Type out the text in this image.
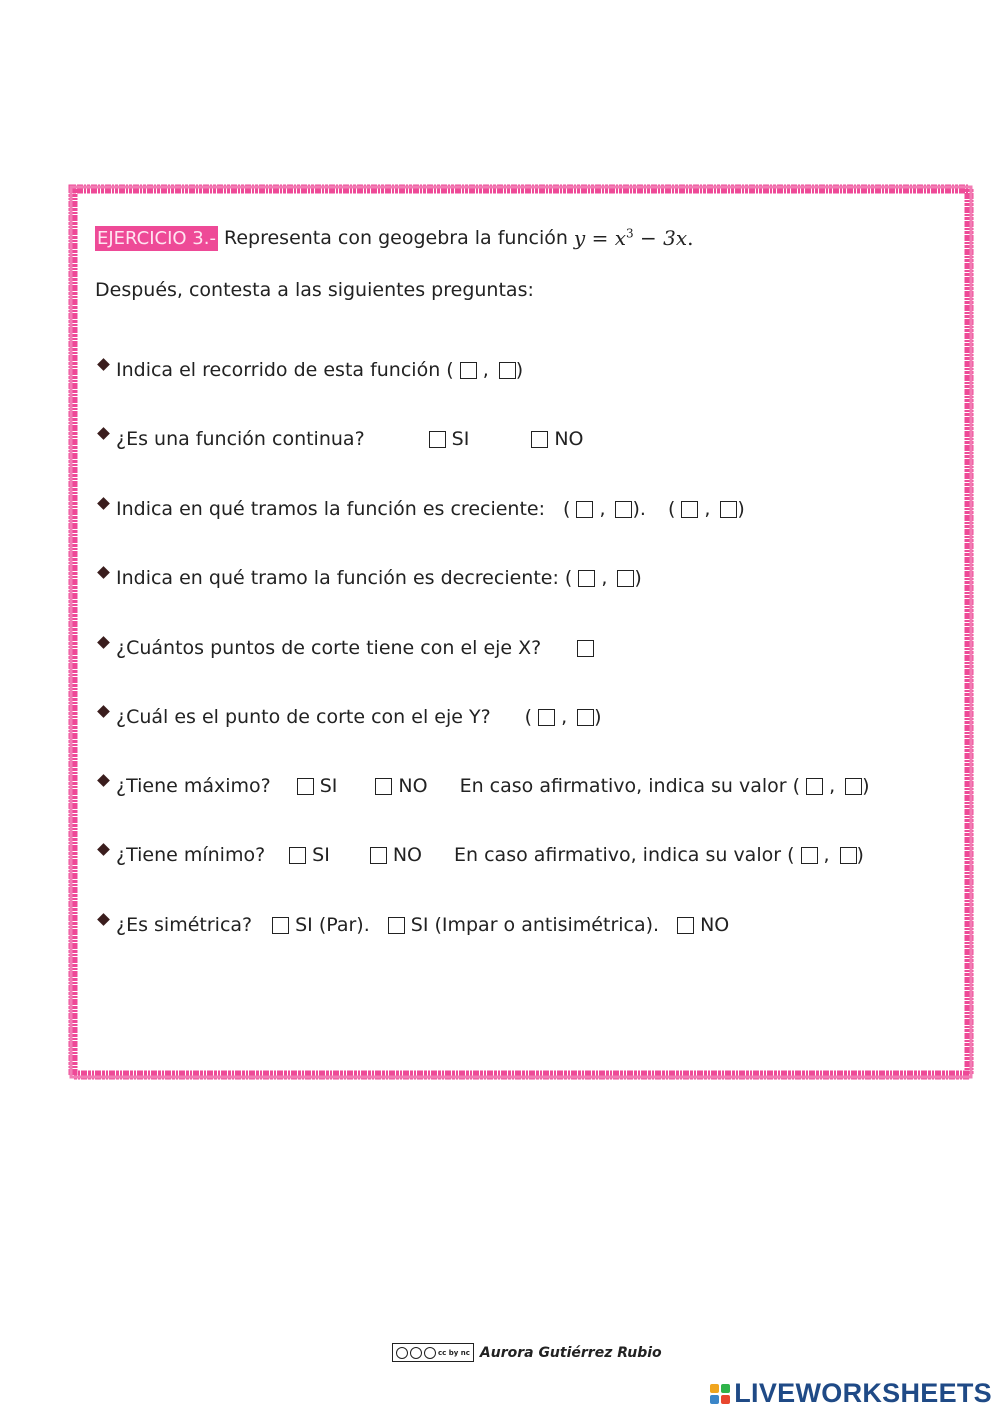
EJERCICIO 3.- Representa con geogebra la función $y = x^3 - 3x$.
Después, contesta a las siguientes preguntas:
Indica el recorrido de esta función ( , )
¿Es una función continua?	SI	NO
Indica en qué tramos la función es creciente: ( , ). ( , )
Indica en qué tramo la función es decreciente: ( , )
¿Cuántos puntos de corte tiene con el eje X?
¿Cuál es el punto de corte con el eje Y? ( , )
¿Tiene máximo?	SI	NO En caso afirmativo, indica su valor ( , )
¿Tiene mínimo? SI	NO En caso afirmativo, indica su valor ( , )
¿Es simétrica? SI (Par). SI (Impar o antisimétrica). NO
cc by nc Aurora Gutiérrez Rubio
LIVEWORKSHEETS
